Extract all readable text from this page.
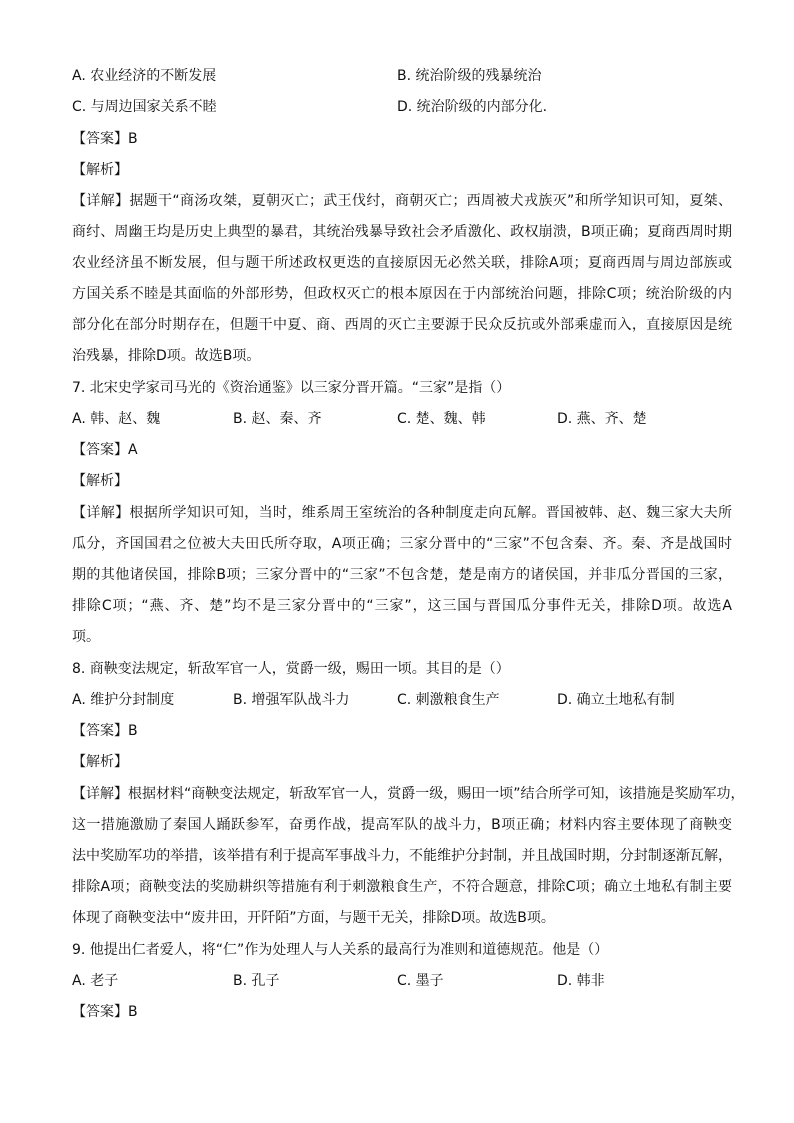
A. 农业经济的不断发展	B. 统治阶级的残暴统治
C. 与周边国家关系不睦	D. 统治阶级的内部分化.
【答案】B
【解析】
【详解】据题干“商汤攻桀，夏朝灭亡；武王伐纣，商朝灭亡；西周被犬戎族灭”和所学知识可知，夏桀、
商纣、周幽王均是历史上典型的暴君，其统治残暴导致社会矛盾激化、政权崩溃，B项正确；夏商西周时期
农业经济虽不断发展，但与题干所述政权更迭的直接原因无必然关联，排除A项；夏商西周与周边部族或
方国关系不睦是其面临的外部形势，但政权灭亡的根本原因在于内部统治问题，排除C项；统治阶级的内
部分化在部分时期存在，但题干中夏、商、西周的灭亡主要源于民众反抗或外部乘虚而入，直接原因是统
治残暴，排除D项。故选B项。
7. 北宋史学家司马光的《资治通鉴》以三家分晋开篇。“三家”是指（）
A. 韩、赵、魏	B. 赵、秦、齐	C. 楚、魏、韩	D. 燕、齐、楚
【答案】A
【解析】
【详解】根据所学知识可知，当时，维系周王室统治的各种制度走向瓦解。晋国被韩、赵、魏三家大夫所
瓜分，齐国国君之位被大夫田氏所夺取，A项正确；三家分晋中的“三家”不包含秦、齐。秦、齐是战国时
期的其他诸侯国，排除B项；三家分晋中的“三家”不包含楚，楚是南方的诸侯国，并非瓜分晋国的三家，
排除C项；“燕、齐、楚”均不是三家分晋中的“三家”，这三国与晋国瓜分事件无关，排除D项。故选A
项。
8. 商鞅变法规定，斩敌军官一人，赏爵一级，赐田一顷。其目的是（）
A. 维护分封制度	B. 增强军队战斗力	C. 刺激粮食生产	D. 确立土地私有制
【答案】B
【解析】
【详解】根据材料“商鞅变法规定，斩敌军官一人，赏爵一级，赐田一顷”结合所学可知，该措施是奖励军功，
这一措施激励了秦国人踊跃参军，奋勇作战，提高军队的战斗力，B项正确；材料内容主要体现了商鞅变
法中奖励军功的举措，该举措有利于提高军事战斗力，不能维护分封制，并且战国时期，分封制逐渐瓦解，
排除A项；商鞅变法的奖励耕织等措施有利于刺激粮食生产，不符合题意，排除C项；确立土地私有制主要
体现了商鞅变法中“废井田，开阡陌”方面，与题干无关，排除D项。故选B项。
9. 他提出仁者爱人，将“仁”作为处理人与人关系的最高行为准则和道德规范。他是（）
A. 老子	B. 孔子	C. 墨子	D. 韩非
【答案】B
